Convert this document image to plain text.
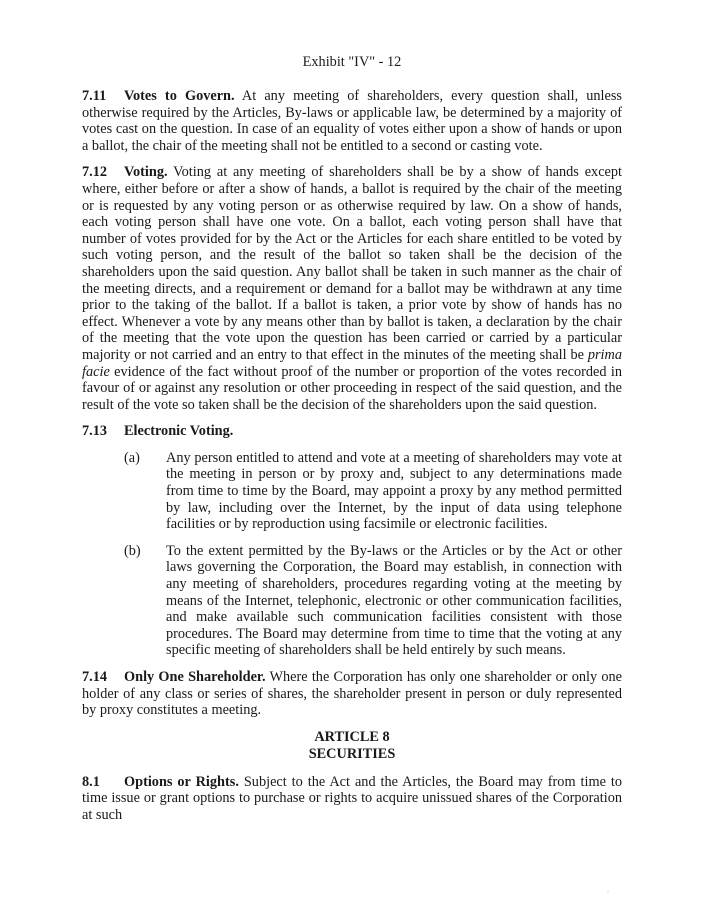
Exhibit "IV" - 12

7.11 Votes to Govern. At any meeting of shareholders, every question shall, unless otherwise required by the Articles, By-laws or applicable law, be determined by a majority of votes cast on the question. In case of an equality of votes either upon a show of hands or upon a ballot, the chair of the meeting shall not be entitled to a second or casting vote.

7.12 Voting. Voting at any meeting of shareholders shall be by a show of hands except where, either before or after a show of hands, a ballot is required by the chair of the meeting or is requested by any voting person or as otherwise required by law. On a show of hands, each voting person shall have one vote. On a ballot, each voting person shall have that number of votes provided for by the Act or the Articles for each share entitled to be voted by such voting person, and the result of the ballot so taken shall be the decision of the shareholders upon the said question. Any ballot shall be taken in such manner as the chair of the meeting directs, and a requirement or demand for a ballot may be withdrawn at any time prior to the taking of the ballot. If a ballot is taken, a prior vote by show of hands has no effect. Whenever a vote by any means other than by ballot is taken, a declaration by the chair of the meeting that the vote upon the question has been carried or carried by a particular majority or not carried and an entry to that effect in the minutes of the meeting shall be prima facie evidence of the fact without proof of the number or proportion of the votes recorded in favour of or against any resolution or other proceeding in respect of the said question, and the result of the vote so taken shall be the decision of the shareholders upon the said question.

7.13 Electronic Voting.
(a)	Any person entitled to attend and vote at a meeting of shareholders may vote at the meeting in person or by proxy and, subject to any determinations made from time to time by the Board, may appoint a proxy by any method permitted by law, including over the Internet, by the input of data using telephone facilities or by reproduction using facsimile or electronic facilities.
(b)	To the extent permitted by the By-laws or the Articles or by the Act or other laws governing the Corporation, the Board may establish, in connection with any meeting of shareholders, procedures regarding voting at the meeting by means of the Internet, telephonic, electronic or other communication facilities, and make available such communication facilities consistent with those procedures. The Board may determine from time to time that the voting at any specific meeting of shareholders shall be held entirely by such means.

7.14 Only One Shareholder. Where the Corporation has only one shareholder or only one holder of any class or series of shares, the shareholder present in person or duly represented by proxy constitutes a meeting.

ARTICLE 8
SECURITIES

8.1 Options or Rights. Subject to the Act and the Articles, the Board may from time to time issue or grant options to purchase or rights to acquire unissued shares of the Corporation at such

.
